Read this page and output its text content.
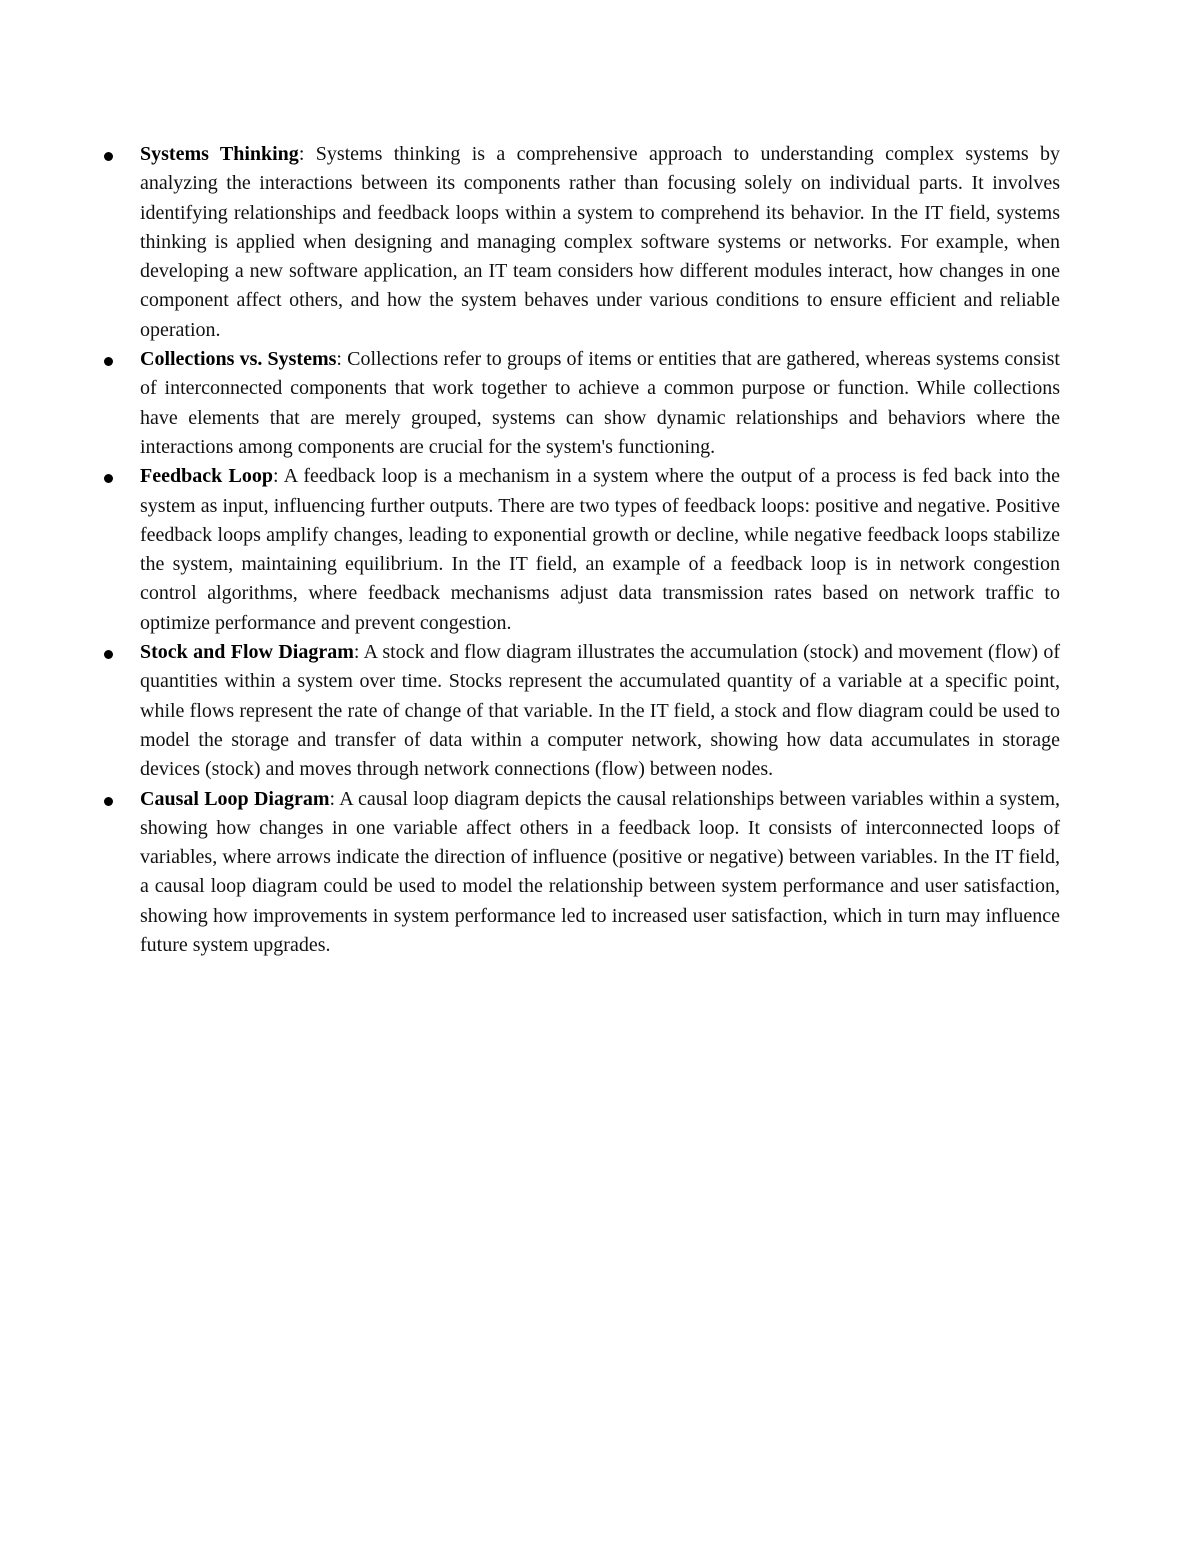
Systems Thinking: Systems thinking is a comprehensive approach to understanding complex systems by analyzing the interactions between its components rather than focusing solely on individual parts. It involves identifying relationships and feedback loops within a system to comprehend its behavior. In the IT field, systems thinking is applied when designing and managing complex software systems or networks. For example, when developing a new software application, an IT team considers how different modules interact, how changes in one component affect others, and how the system behaves under various conditions to ensure efficient and reliable operation.

Collections vs. Systems: Collections refer to groups of items or entities that are gathered, whereas systems consist of interconnected components that work together to achieve a common purpose or function. While collections have elements that are merely grouped, systems can show dynamic relationships and behaviors where the interactions among components are crucial for the system's functioning.

Feedback Loop: A feedback loop is a mechanism in a system where the output of a process is fed back into the system as input, influencing further outputs. There are two types of feedback loops: positive and negative. Positive feedback loops amplify changes, leading to exponential growth or decline, while negative feedback loops stabilize the system, maintaining equilibrium. In the IT field, an example of a feedback loop is in network congestion control algorithms, where feedback mechanisms adjust data transmission rates based on network traffic to optimize performance and prevent congestion.

Stock and Flow Diagram: A stock and flow diagram illustrates the accumulation (stock) and movement (flow) of quantities within a system over time. Stocks represent the accumulated quantity of a variable at a specific point, while flows represent the rate of change of that variable. In the IT field, a stock and flow diagram could be used to model the storage and transfer of data within a computer network, showing how data accumulates in storage devices (stock) and moves through network connections (flow) between nodes.

Causal Loop Diagram: A causal loop diagram depicts the causal relationships between variables within a system, showing how changes in one variable affect others in a feedback loop. It consists of interconnected loops of variables, where arrows indicate the direction of influence (positive or negative) between variables. In the IT field, a causal loop diagram could be used to model the relationship between system performance and user satisfaction, showing how improvements in system performance led to increased user satisfaction, which in turn may influence future system upgrades.
